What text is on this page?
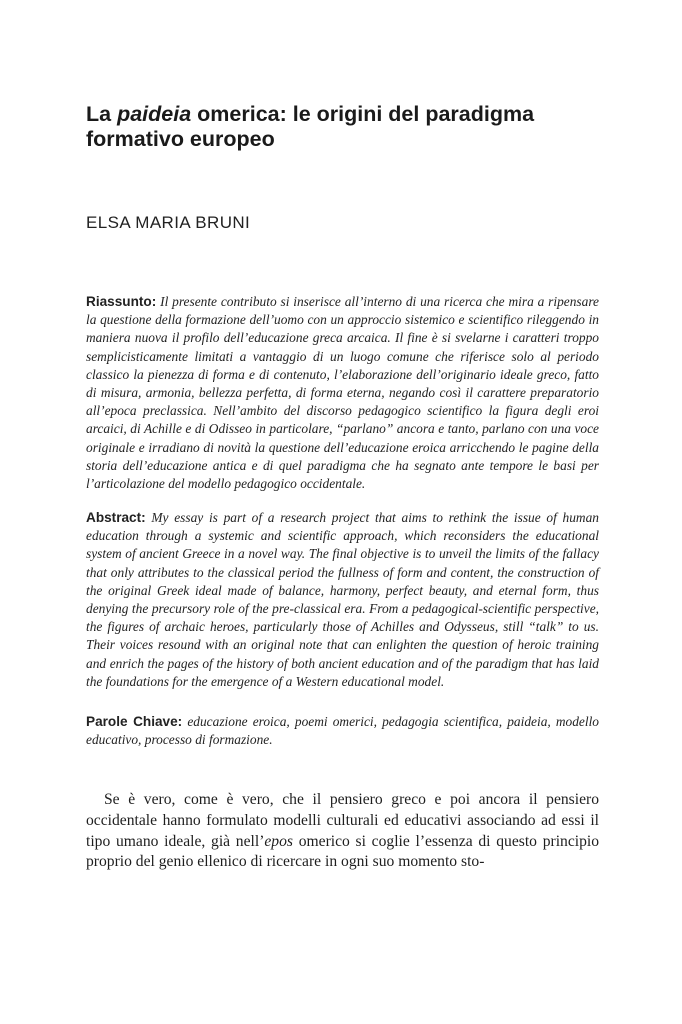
La paideia omerica: le origini del paradigma formativo europeo

ELSA MARIA BRUNI

Riassunto: Il presente contributo si inserisce all’interno di una ricerca che mira a ripensare la questione della formazione dell’uomo con un approccio sistemico e scientifico rileggendo in maniera nuova il profilo dell’educazione greca arcaica. Il fine è si svelarne i caratteri troppo semplicisticamente limitati a vantaggio di un luogo comune che riferisce solo al periodo classico la pienezza di forma e di contenuto, l’elaborazione dell’originario ideale greco, fatto di misura, armonia, bellezza perfetta, di forma eterna, negando così il carattere preparatorio all’epoca preclassica. Nell’ambito del discorso pedagogico scientifico la figura degli eroi arcaici, di Achille e di Odisseo in particolare, “parlano” ancora e tanto, parlano con una voce originale e irradiano di novità la questione dell’educazione eroica arricchendo le pagine della storia dell’educazione antica e di quel paradigma che ha segnato ante tempore le basi per l’articolazione del modello pedagogico occidentale.

Abstract: My essay is part of a research project that aims to rethink the issue of human education through a systemic and scientific approach, which reconsiders the educational system of ancient Greece in a novel way. The final objective is to unveil the limits of the fallacy that only attributes to the classical period the fullness of form and content, the construction of the original Greek ideal made of balance, harmony, perfect beauty, and eternal form, thus denying the precursory role of the pre-classical era. From a pedagogical-scientific perspective, the figures of archaic heroes, particularly those of Achilles and Odysseus, still “talk” to us. Their voices resound with an original note that can enlighten the question of heroic training and enrich the pages of the history of both ancient education and of the paradigm that has laid the foundations for the emergence of a Western educational model.

Parole Chiave: educazione eroica, poemi omerici, pedagogia scientifica, paideia, modello educativo, processo di formazione.

Se è vero, come è vero, che il pensiero greco e poi ancora il pensiero occidentale hanno formulato modelli culturali ed educativi associando ad essi il tipo umano ideale, già nell’epos omerico si coglie l’essenza di questo principio proprio del genio ellenico di ricercare in ogni suo momento sto-
